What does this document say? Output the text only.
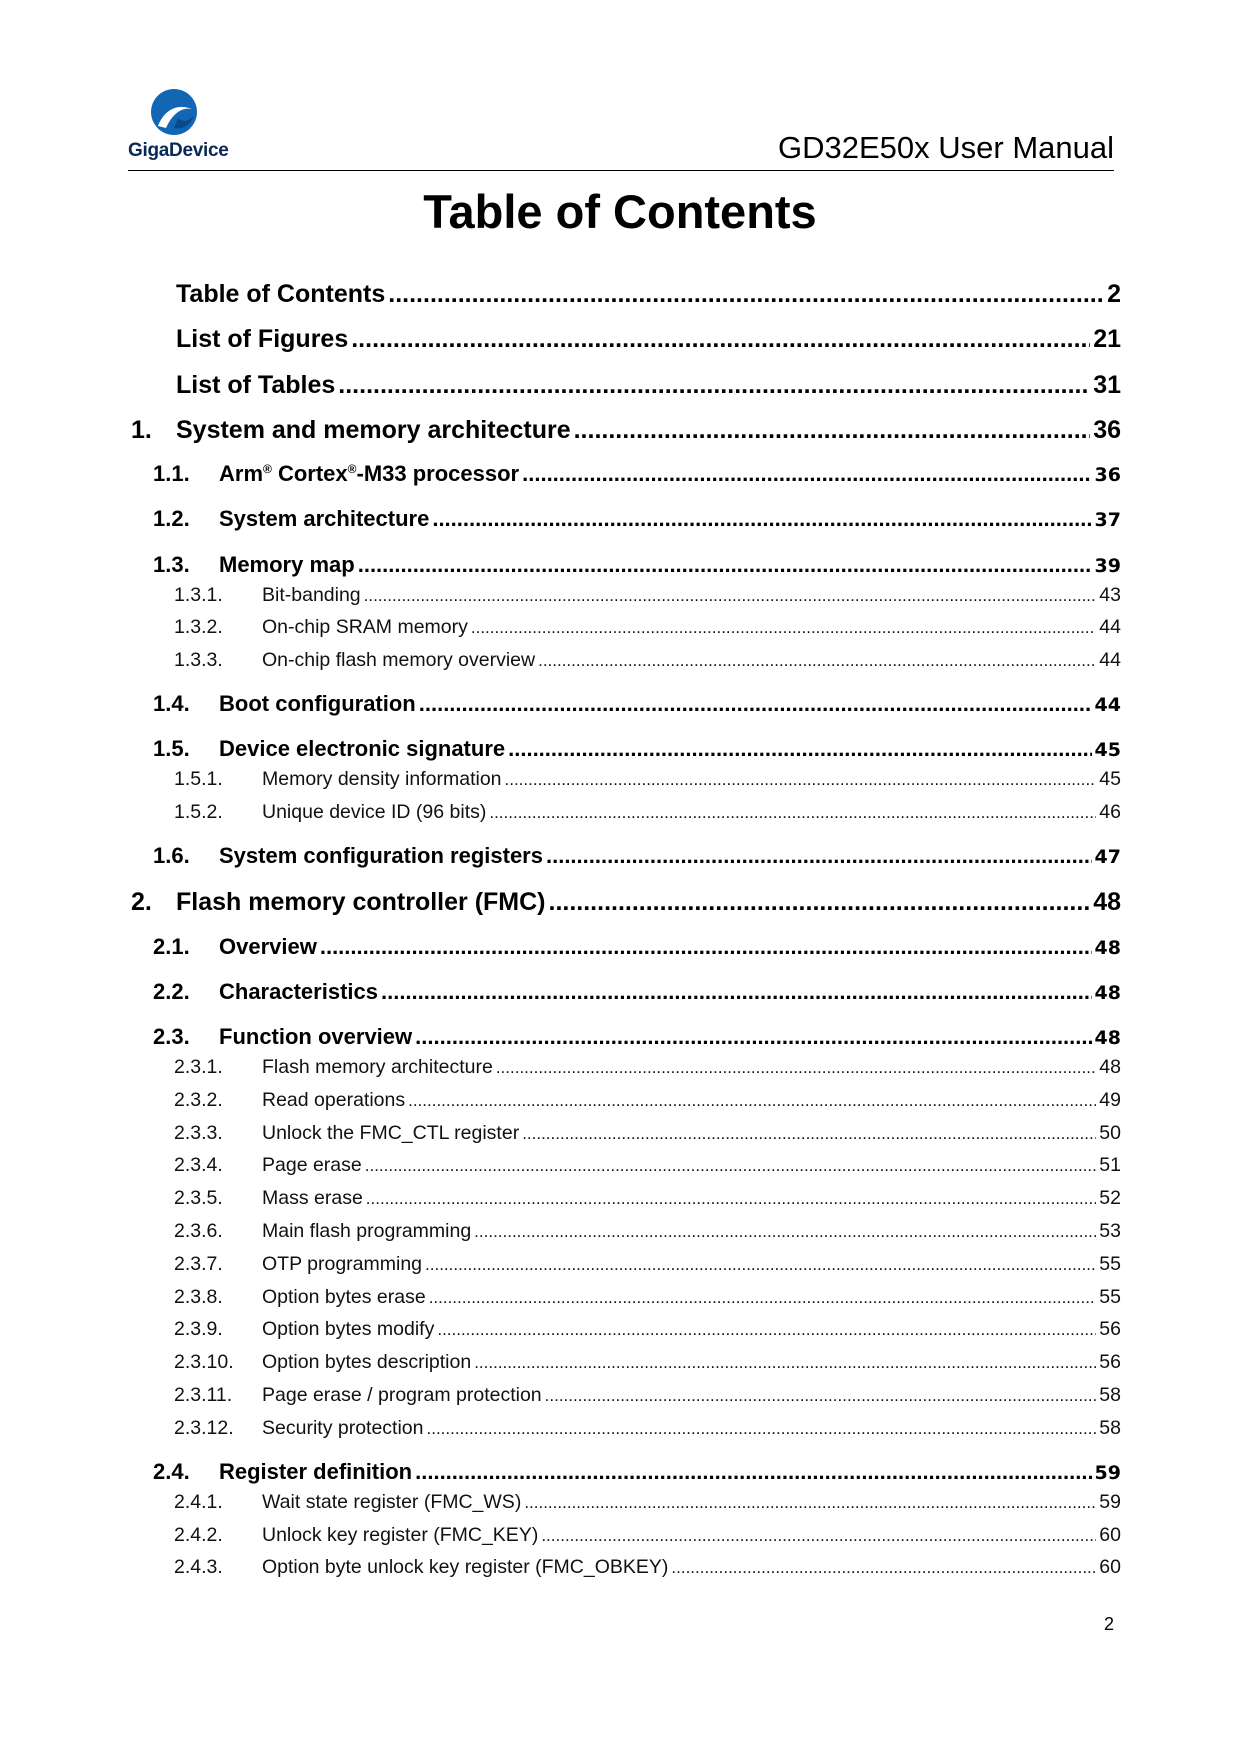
GigaDevice	GD32E50x User Manual
Table of Contents
Table of Contents .....	2
List of Figures .....	21
List of Tables .....	31
1. System and memory architecture .....	36
1.1.	Arm® Cortex®-M33 processor .....	36
1.2.	System architecture .....	37
1.3.	Memory map .....	39
1.3.1.	Bit-banding .....	43
1.3.2.	On-chip SRAM memory .....	44
1.3.3.	On-chip flash memory overview .....	44
1.4.	Boot configuration .....	44
1.5.	Device electronic signature .....	45
1.5.1.	Memory density information .....	45
1.5.2.	Unique device ID (96 bits) .....	46
1.6.	System configuration registers .....	47
2. Flash memory controller (FMC) .....	48
2.1.	Overview .....	48
2.2.	Characteristics .....	48
2.3.	Function overview .....	48
2.3.1.	Flash memory architecture .....	48
2.3.2.	Read operations .....	49
2.3.3.	Unlock the FMC_CTL register .....	50
2.3.4.	Page erase .....	51
2.3.5.	Mass erase .....	52
2.3.6.	Main flash programming .....	53
2.3.7.	OTP programming .....	55
2.3.8.	Option bytes erase .....	55
2.3.9.	Option bytes modify .....	56
2.3.10.	Option bytes description .....	56
2.3.11.	Page erase / program protection .....	58
2.3.12.	Security protection .....	58
2.4.	Register definition .....	59
2.4.1.	Wait state register (FMC_WS) .....	59
2.4.2.	Unlock key register (FMC_KEY) .....	60
2.4.3.	Option byte unlock key register (FMC_OBKEY) .....	60
2
